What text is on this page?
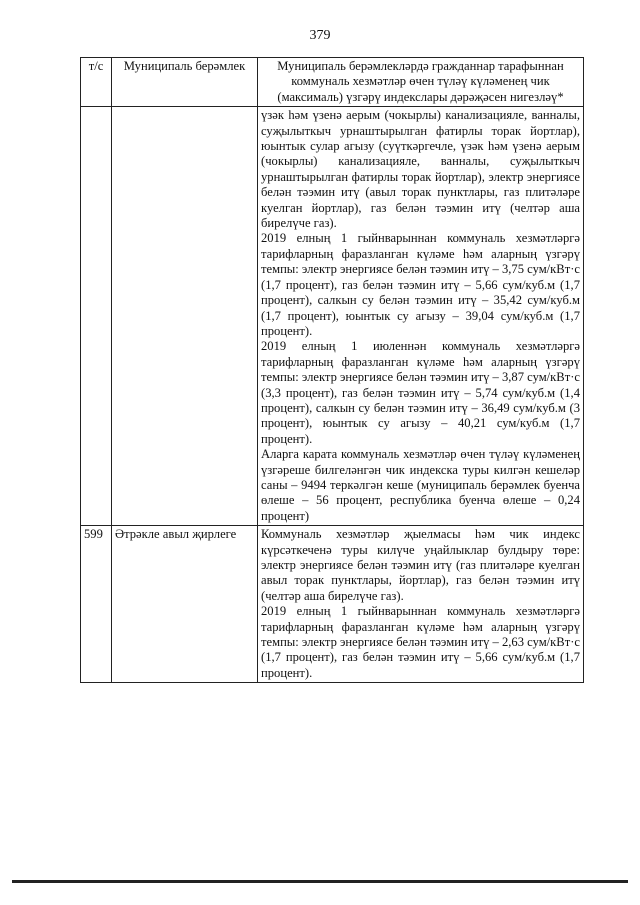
379
т/с	Муниципаль берәмлек	Муниципаль берәмлекләрдә гражданнар тарафыннан коммуналь хезмәтләр өчен түләү күләменең чик (максималь) үзгәрү индекслары дәрәҗәсен нигезләү*

		үзәк һәм үзенә аерым (чокырлы) канализацияле, ванналы, суҗылыткыч урнаштырылган фатирлы торак йортлар), юынтык сулар агызу (суүткәргечле, үзәк һәм үзенә аерым (чокырлы) канализацияле, ванналы, суҗылыткыч урнаштырылган фатирлы торак йортлар), электр энергиясе белән тәэмин итү (авыл торак пунктлары, газ плитәләре куелган йортлар), газ белән тәэмин итү (челтәр аша бирелүче газ).
2019 елның 1 гыйнварыннан коммуналь хезмәтләргә тарифларның фаразланган күләме һәм аларның үзгәрү темпы: электр энергиясе белән тәэмин итү – 3,75 сум/кВт·с (1,7 процент), газ белән тәэмин итү – 5,66 сум/куб.м (1,7 процент), салкын су белән тәэмин итү – 35,42 сум/куб.м (1,7 процент), юынтык су агызу – 39,04 сум/куб.м (1,7 процент).
2019 елның 1 июленнән коммуналь хезмәтләргә тарифларның фаразланган күләме һәм аларның үзгәрү темпы: электр энергиясе белән тәэмин итү – 3,87 сум/кВт·с (3,3 процент), газ белән тәэмин итү – 5,74 сум/куб.м (1,4 процент), салкын су белән тәэмин итү – 36,49 сум/куб.м (3 процент), юынтык су агызу – 40,21 сум/куб.м (1,7 процент).
Аларга карата коммуналь хезмәтләр өчен түләү күләменең үзгәреше билгеләнгән чик индекска туры килгән кешеләр саны – 9494 теркәлгән кеше (муниципаль берәмлек буенча өлеше – 56 процент, республика буенча өлеше – 0,24 процент)

599	Әтрәкле авыл җирлеге	Коммуналь хезмәтләр җыелмасы һәм чик индекс күрсәткеченә туры килүче уңайлыклар булдыру төре: электр энергиясе белән тәэмин итү (газ плитәләре куелган авыл торак пунктлары, йортлар), газ белән тәэмин итү (челтәр аша бирелүче газ).
2019 елның 1 гыйнварыннан коммуналь хезмәтләргә тарифларның фаразланган күләме һәм аларның үзгәрү темпы: электр энергиясе белән тәэмин итү – 2,63 сум/кВт·с (1,7 процент), газ белән тәэмин итү – 5,66 сум/куб.м (1,7 процент).
